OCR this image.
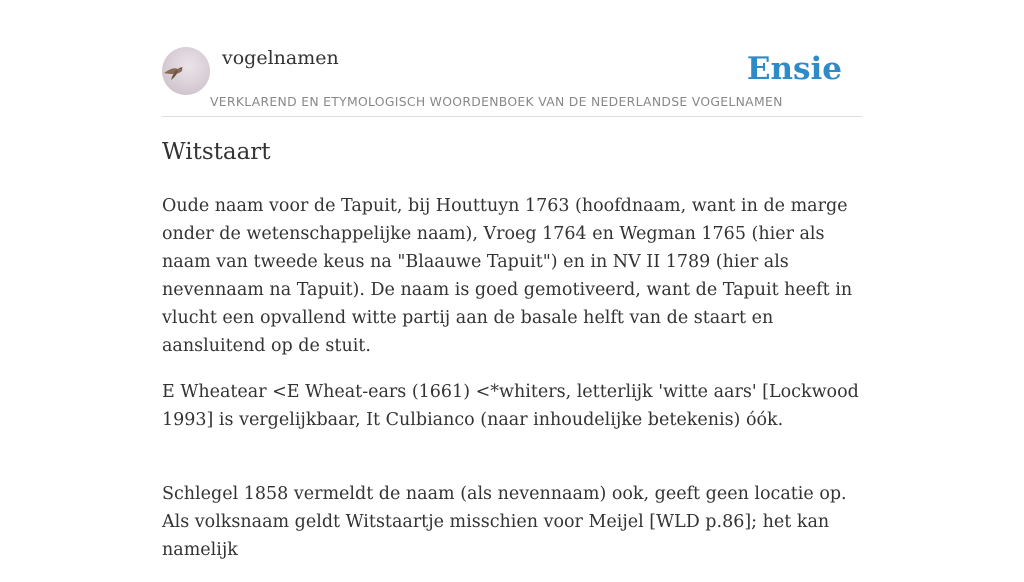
vogelnamen	Ensie
VERKLAREND EN ETYMOLOGISCH WOORDENBOEK VAN DE NEDERLANDSE VOGELNAMEN
Witstaart

Oude naam voor de Tapuit, bij Houttuyn 1763 (hoofdnaam, want in de marge onder de wetenschappelijke naam), Vroeg 1764 en Wegman 1765 (hier als naam van tweede keus na "Blaauwe Tapuit") en in NV II 1789 (hier als nevennaam na Tapuit). De naam is goed gemotiveerd, want de Tapuit heeft in vlucht een opvallend witte partij aan de basale helft van de staart en aansluitend op de stuit.

E Wheatear <E Wheat-ears (1661) <*whi̇ters, letterlijk 'witte aars' [Lockwood 1993] is vergelijkbaar, It Culbianco (naar inhoudelijke betekenis) óók.

Schlegel 1858 vermeldt de naam (als nevennaam) ook, geeft geen locatie op. Als volksnaam geldt Witstaartje misschien voor Meijel [WLD p.86]; het kan namelijk
